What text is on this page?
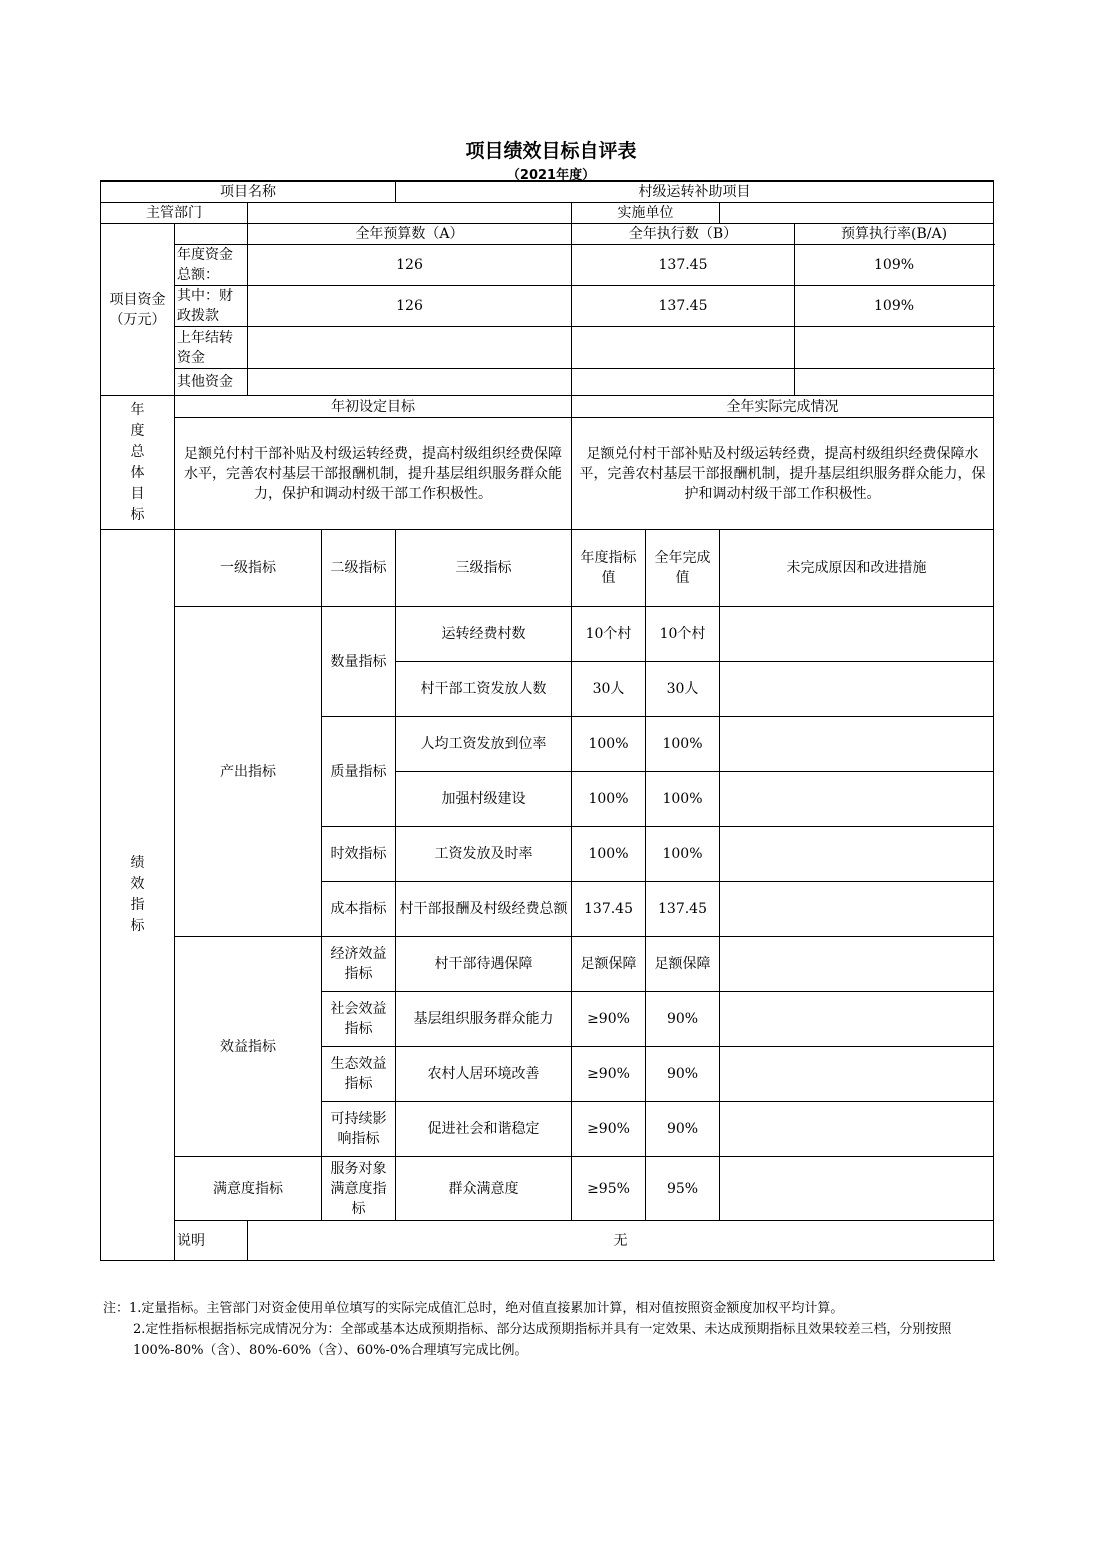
项目绩效目标自评表
（2021年度）
项目名称				村级运转补助项目				
主管部门					实施单位			
项目资金（万元）		全年预算数（A）			全年执行数（B）			预算执行率(B/A)
	年度资金总额：	126			137.45			109%
	其中：财政拨款	126			137.45			109%
	上年结转资金							
	其他资金							
年度总体目标	年初设定目标				全年实际完成情况			
	足额兑付村干部补贴及村级运转经费，提高村级组织经费保障水平，完善农村基层干部报酬机制，提升基层组织服务群众能力，保护和调动村级干部工作积极性。				足额兑付村干部补贴及村级运转经费，提高村级组织经费保障水平，完善农村基层干部报酬机制，提升基层组织服务群众能力，保护和调动村级干部工作积极性。			
绩效指标	一级指标		二级指标	三级指标	年度指标值	全年完成值	未完成原因和改进措施	
	产出指标		数量指标	运转经费村数	10个村	10个村		
				村干部工资发放人数	30人	30人		
			质量指标	人均工资发放到位率	100%	100%		
				加强村级建设	100%	100%		
			时效指标	工资发放及时率	100%	100%		
			成本指标	村干部报酬及村级经费总额	137.45	137.45		
	效益指标		经济效益指标	村干部待遇保障	足额保障	足额保障		
			社会效益指标	基层组织服务群众能力	≥90%	90%		
			生态效益指标	农村人居环境改善	≥90%	90%		
			可持续影响指标	促进社会和谐稳定	≥90%	90%		
	满意度指标		服务对象满意度指标	群众满意度	≥95%	95%		
	说明	无						
注：1.定量指标。主管部门对资金使用单位填写的实际完成值汇总时，绝对值直接累加计算，相对值按照资金额度加权平均计算。
2.定性指标根据指标完成情况分为：全部或基本达成预期指标、部分达成预期指标并具有一定效果、未达成预期指标且效果较差三档，分别按照100%-80%（含）、80%-60%（含）、60%-0%合理填写完成比例。
